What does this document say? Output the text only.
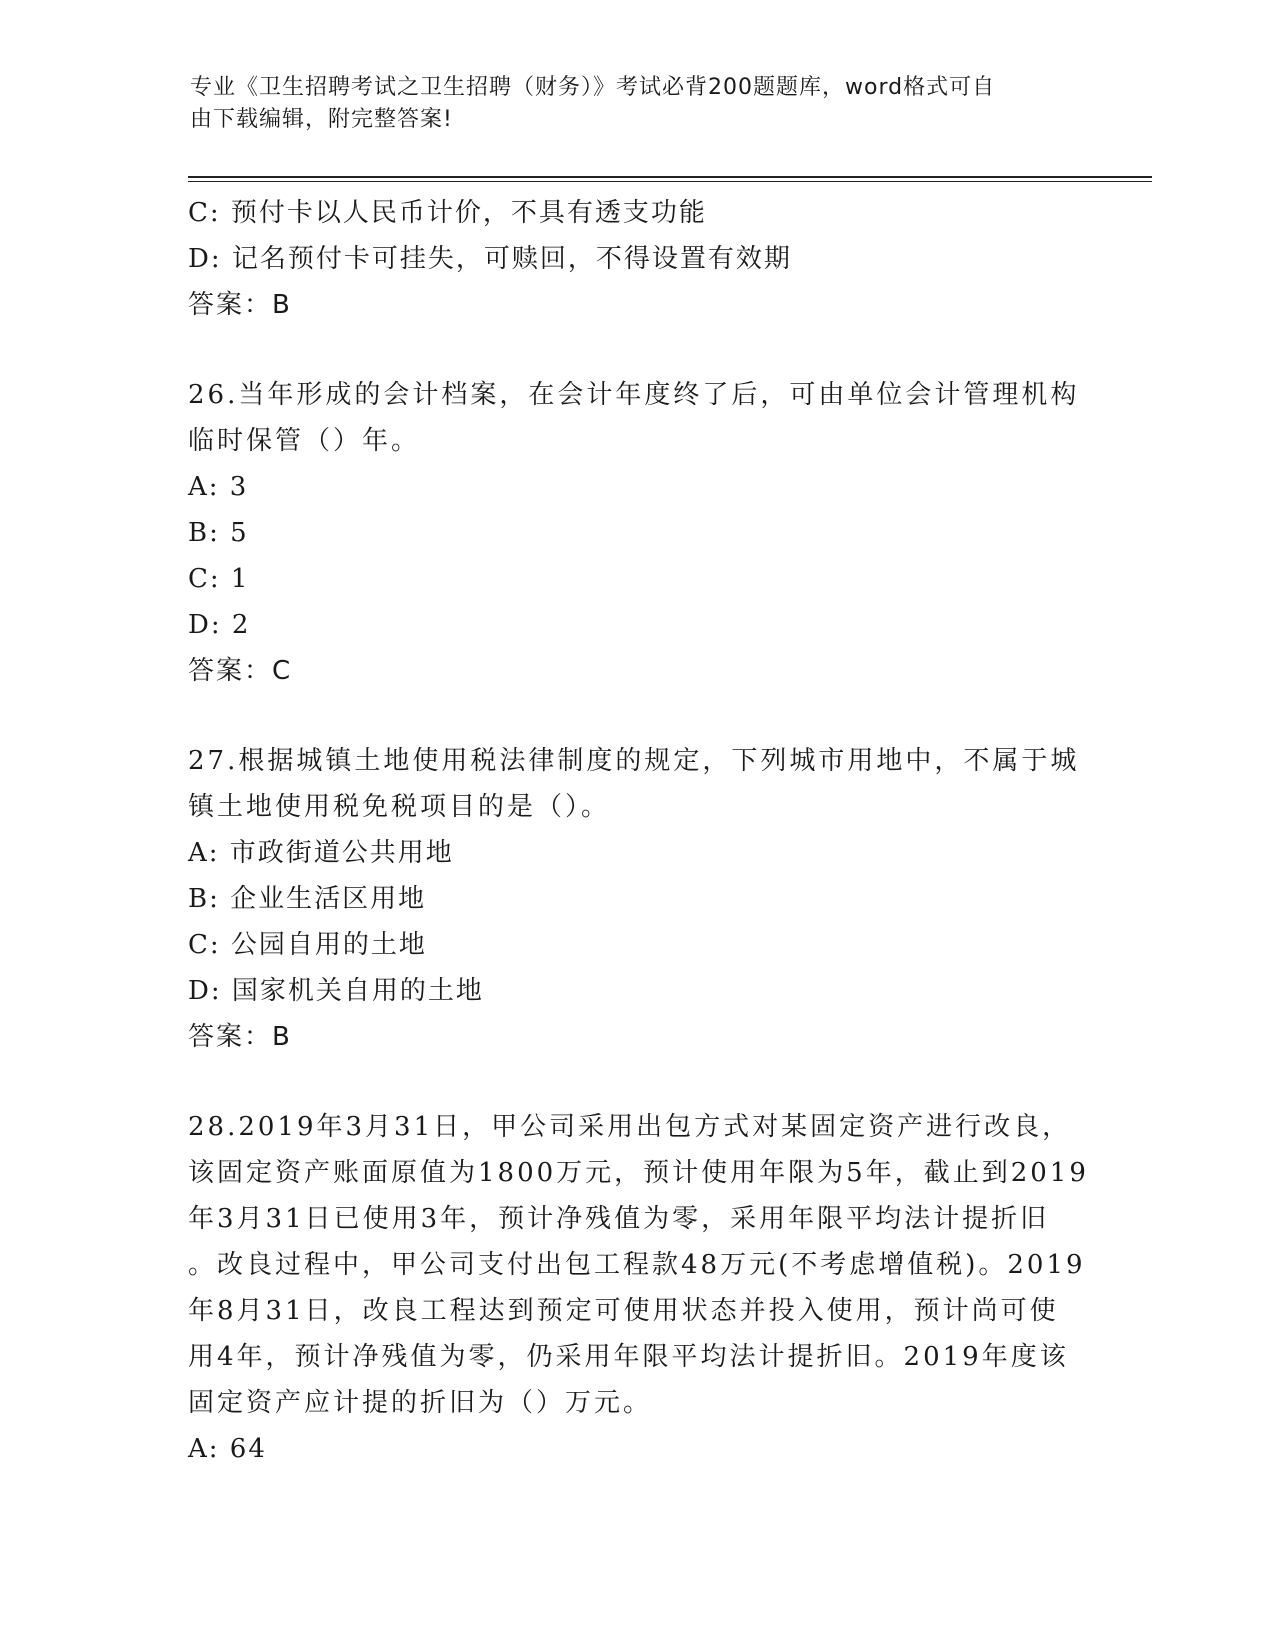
专业《卫生招聘考试之卫生招聘（财务）》考试必背200题题库，word格式可自
由下载编辑，附完整答案!
C: 预付卡以人民币计价，不具有透支功能
D: 记名预付卡可挂失，可赎回，不得设置有效期
答案：B
26.当年形成的会计档案，在会计年度终了后，可由单位会计管理机构
临时保管（）年。
A: 3
B: 5
C: 1
D: 2
答案：C
27.根据城镇土地使用税法律制度的规定，下列城市用地中，不属于城
镇土地使用税免税项目的是（）。
A: 市政街道公共用地
B: 企业生活区用地
C: 公园自用的土地
D: 国家机关自用的土地
答案：B
28.2019年3月31日，甲公司采用出包方式对某固定资产进行改良，
该固定资产账面原值为1800万元，预计使用年限为5年，截止到2019
年3月31日已使用3年，预计净残值为零，采用年限平均法计提折旧
。改良过程中，甲公司支付出包工程款48万元(不考虑增值税)。2019
年8月31日，改良工程达到预定可使用状态并投入使用，预计尚可使
用4年，预计净残值为零，仍采用年限平均法计提折旧。2019年度该
固定资产应计提的折旧为（）万元。
A: 64
